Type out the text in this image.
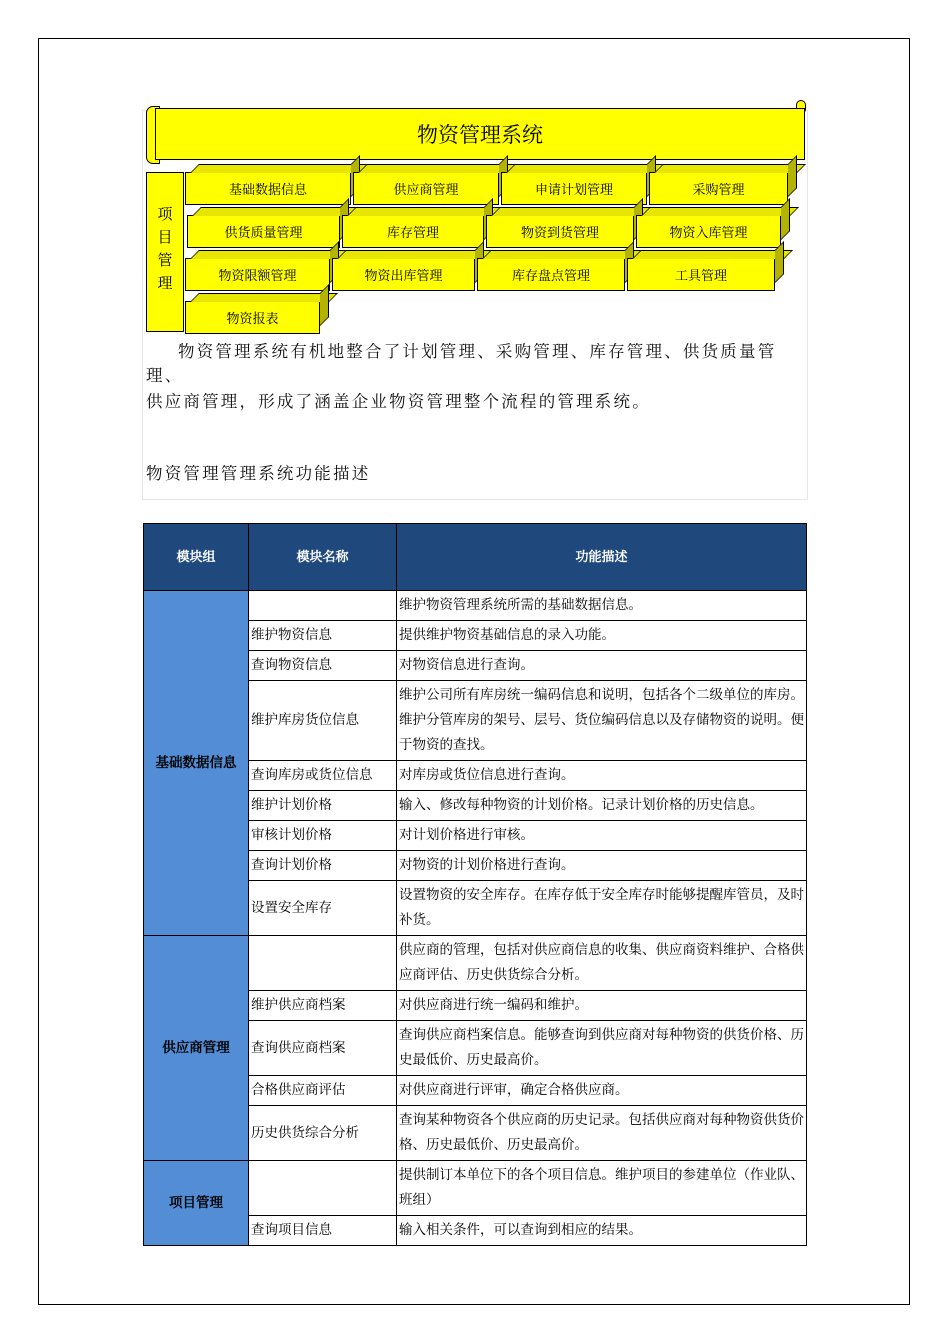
物资管理系统
项目管理
基础数据信息	供应商管理	申请计划管理	采购管理
供货质量管理	库存管理	物资到货管理	物资入库管理
物资限额管理	物资出库管理	库存盘点管理	工具管理
物资报表
物资管理系统有机地整合了计划管理、采购管理、库存管理、供货质量管理、
供应商管理，形成了涵盖企业物资管理整个流程的管理系统。
物资管理管理系统功能描述
模块组	模块名称	功能描述
基础数据信息		维护物资管理系统所需的基础数据信息。
	维护物资信息	提供维护物资基础信息的录入功能。
	查询物资信息	对物资信息进行查询。
	维护库房货位信息	维护公司所有库房统一编码信息和说明，包括各个二级单位的库房。维护分管库房的架号、层号、货位编码信息以及存储物资的说明。便于物资的查找。
	查询库房或货位信息	对库房或货位信息进行查询。
	维护计划价格	输入、修改每种物资的计划价格。记录计划价格的历史信息。
	审核计划价格	对计划价格进行审核。
	查询计划价格	对物资的计划价格进行查询。
	设置安全库存	设置物资的安全库存。在库存低于安全库存时能够提醒库管员，及时补货。
供应商管理		供应商的管理，包括对供应商信息的收集、供应商资料维护、合格供应商评估、历史供货综合分析。
	维护供应商档案	对供应商进行统一编码和维护。
	查询供应商档案	查询供应商档案信息。能够查询到供应商对每种物资的供货价格、历史最低价、历史最高价。
	合格供应商评估	对供应商进行评审，确定合格供应商。
	历史供货综合分析	查询某种物资各个供应商的历史记录。包括供应商对每种物资供货价格、历史最低价、历史最高价。
项目管理		提供制订本单位下的各个项目信息。维护项目的参建单位（作业队、班组）
	查询项目信息	输入相关条件，可以查询到相应的结果。
